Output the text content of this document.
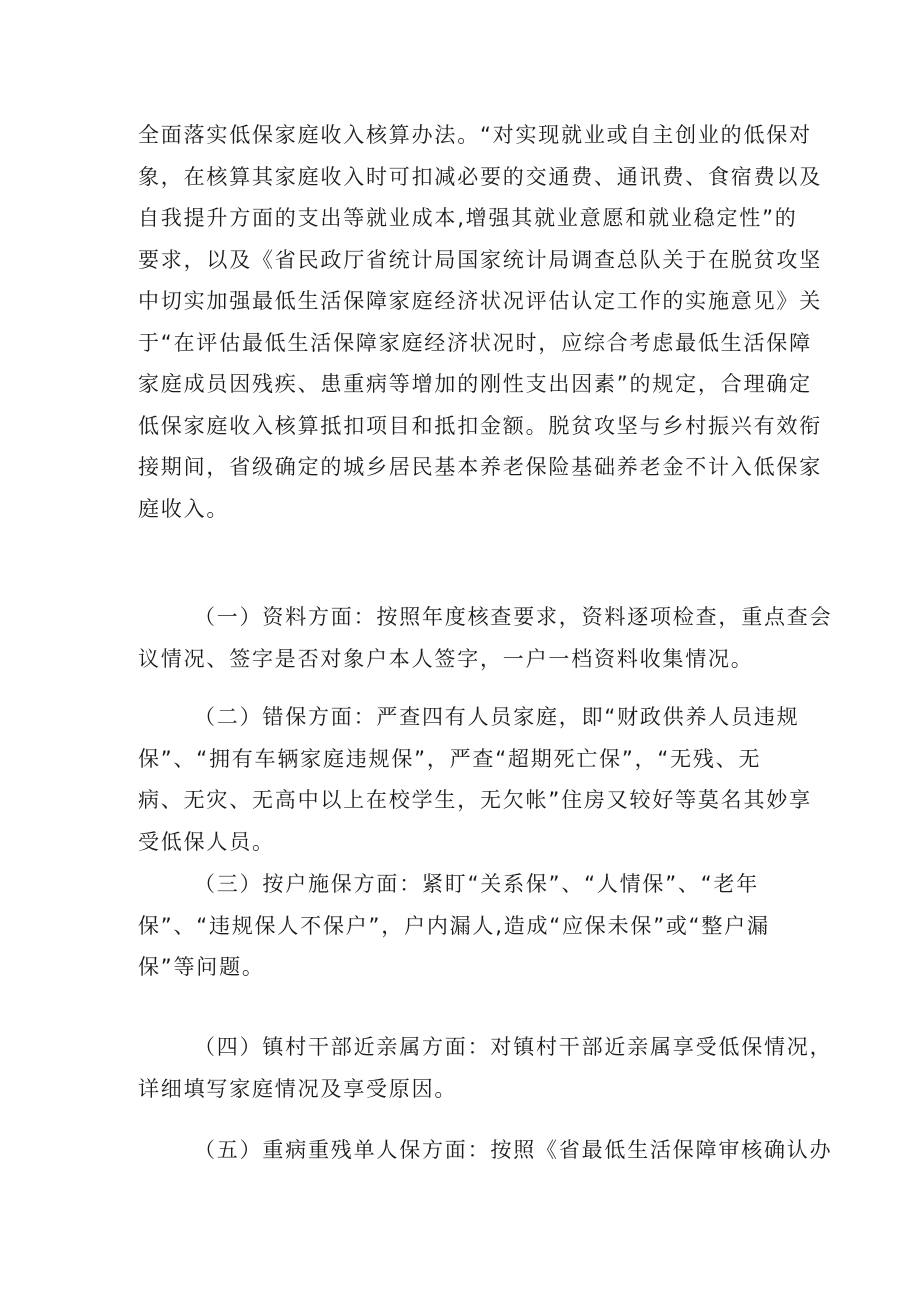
全面落实低保家庭收入核算办法。“对实现就业或自主创业的低保对
象，在核算其家庭收入时可扣减必要的交通费、通讯费、食宿费以及
自我提升方面的支出等就业成本,增强其就业意愿和就业稳定性”的
要求，以及《省民政厅省统计局国家统计局调查总队关于在脱贫攻坚
中切实加强最低生活保障家庭经济状况评估认定工作的实施意见》关
于“在评估最低生活保障家庭经济状况时，应综合考虑最低生活保障
家庭成员因残疾、患重病等增加的刚性支出因素”的规定，合理确定
低保家庭收入核算抵扣项目和抵扣金额。脱贫攻坚与乡村振兴有效衔
接期间，省级确定的城乡居民基本养老保险基础养老金不计入低保家
庭收入。
（一）资料方面：按照年度核查要求，资料逐项检查，重点查会
议情况、签字是否对象户本人签字，一户一档资料收集情况。
（二）错保方面：严查四有人员家庭，即“财政供养人员违规
保”、“拥有车辆家庭违规保”，严查“超期死亡保”，“无残、无
病、无灾、无高中以上在校学生，无欠帐”住房又较好等莫名其妙享
受低保人员。
（三）按户施保方面：紧盯“关系保”、“人情保”、“老年
保”、“违规保人不保户”，户内漏人,造成“应保未保”或“整户漏
保”等问题。
（四）镇村干部近亲属方面：对镇村干部近亲属享受低保情况，
详细填写家庭情况及享受原因。
（五）重病重残单人保方面：按照《省最低生活保障审核确认办
